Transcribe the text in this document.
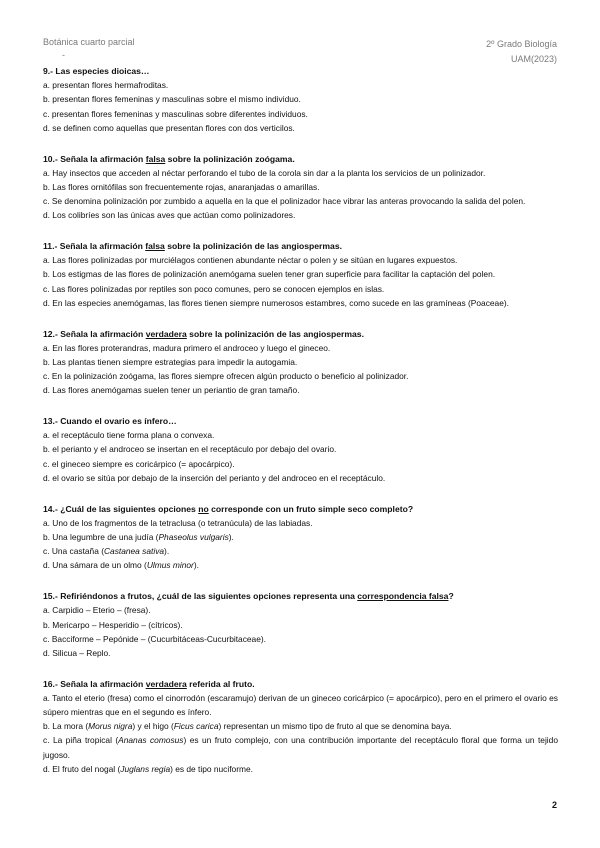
Botánica cuarto parcial
-
2º Grado Biología
UAM(2023)
9.- Las especies dioicas…
a. presentan flores hermafroditas.
b. presentan flores femeninas y masculinas sobre el mismo individuo.
c. presentan flores femeninas y masculinas sobre diferentes individuos.
d. se definen como aquellas que presentan flores con dos verticilos.
10.- Señala la afirmación falsa sobre la polinización zoógama.
a. Hay insectos que acceden al néctar perforando el tubo de la corola sin dar a la planta los servicios de un polinizador.
b. Las flores ornitófilas son frecuentemente rojas, anaranjadas o amarillas.
c. Se denomina polinización por zumbido a aquella en la que el polinizador hace vibrar las anteras provocando la salida del polen.
d. Los colibríes son las únicas aves que actúan como polinizadores.
11.- Señala la afirmación falsa sobre la polinización de las angiospermas.
a. Las flores polinizadas por murciélagos contienen abundante néctar o polen y se sitúan en lugares expuestos.
b. Los estigmas de las flores de polinización anemógama suelen tener gran superficie para facilitar la captación del polen.
c. Las flores polinizadas por reptiles son poco comunes, pero se conocen ejemplos en islas.
d. En las especies anemógamas, las flores tienen siempre numerosos estambres, como sucede en las gramíneas (Poaceae).
12.- Señala la afirmación verdadera sobre la polinización de las angiospermas.
a. En las flores proterandras, madura primero el androceo y luego el gineceo.
b. Las plantas tienen siempre estrategias para impedir la autogamia.
c. En la polinización zoógama, las flores siempre ofrecen algún producto o beneficio al polinizador.
d. Las flores anemógamas suelen tener un periantio de gran tamaño.
13.- Cuando el ovario es ínfero…
a. el receptáculo tiene forma plana o convexa.
b. el perianto y el androceo se insertan en el receptáculo por debajo del ovario.
c. el gineceo siempre es coricárpico (= apocárpico).
d. el ovario se sitúa por debajo de la inserción del perianto y del androceo en el receptáculo.
14.- ¿Cuál de las siguientes opciones no corresponde con un fruto simple seco completo?
a. Uno de los fragmentos de la tetraclusa (o tetranúcula) de las labiadas.
b. Una legumbre de una judía (Phaseolus vulgaris).
c. Una castaña (Castanea sativa).
d. Una sámara de un olmo (Ulmus minor).
15.- Refiriéndonos a frutos, ¿cuál de las siguientes opciones representa una correspondencia falsa?
a. Carpidio – Eterio – (fresa).
b. Mericarpo – Hesperidio – (cítricos).
c. Bacciforme – Pepónide – (Cucurbitáceas-Cucurbitaceae).
d. Silicua – Replo.
16.- Señala la afirmación verdadera referida al fruto.
a. Tanto el eterio (fresa) como el cinorrodón (escaramujo) derivan de un gineceo coricárpico (= apocárpico), pero en el primero el ovario es súpero mientras que en el segundo es ínfero.
b. La mora (Morus nigra) y el higo (Ficus carica) representan un mismo tipo de fruto al que se denomina baya.
c. La piña tropical (Ananas comosus) es un fruto complejo, con una contribución importante del receptáculo floral que forma un tejido jugoso.
d. El fruto del nogal (Juglans regia) es de tipo nuciforme.
2
